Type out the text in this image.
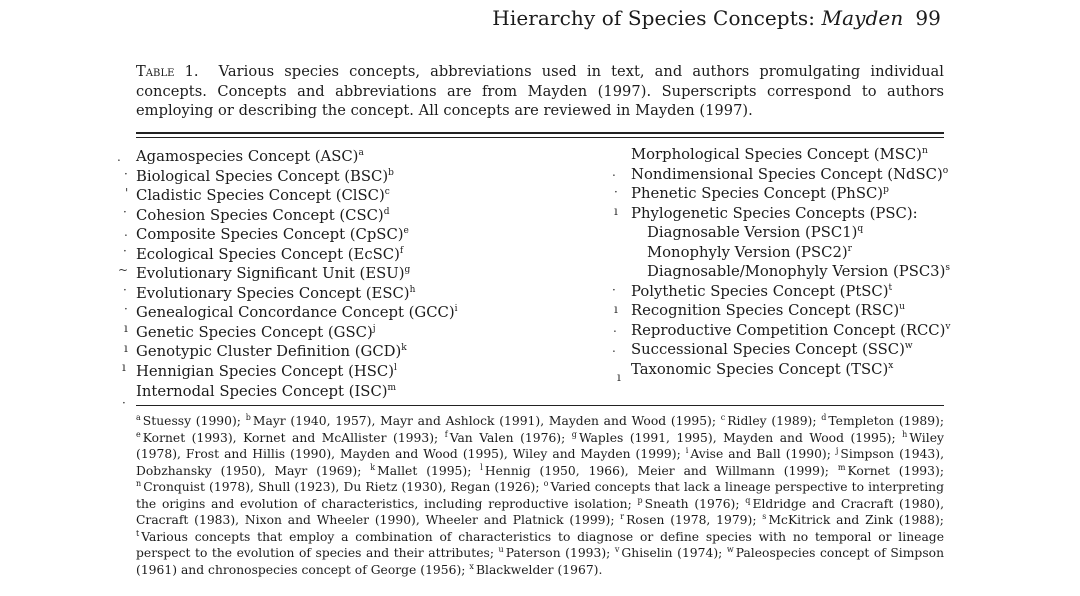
Hierarchy of Species Concepts: Mayden 99
Table 1. Various species concepts, abbreviations used in text, and authors promulgating individual concepts. Concepts and abbreviations are from Mayden (1997). Superscripts correspond to authors employing or describing the concept. All concepts are reviewed in Mayden (1997).
Agamospecies Concept (ASC)$^a$
Biological Species Concept (BSC)$^b$
Cladistic Species Concept (ClSC)$^c$
Cohesion Species Concept (CSC)$^d$
Composite Species Concept (CpSC)$^e$
Ecological Species Concept (EcSC)$^f$
Evolutionary Significant Unit (ESU)$^g$
Evolutionary Species Concept (ESC)$^h$
Genealogical Concordance Concept (GCC)$^i$
Genetic Species Concept (GSC)$^j$
Genotypic Cluster Definition (GCD)$^k$
Hennigian Species Concept (HSC)$^l$
Internodal Species Concept (ISC)$^m$
Morphological Species Concept (MSC)$^n$
Nondimensional Species Concept (NdSC)$^o$
Phenetic Species Concept (PhSC)$^p$
Phylogenetic Species Concepts (PSC):
Diagnosable Version $(PSC1)^q$
Monophyly Version $(PSC2)^r$
Diagnosable/Monophyly Version $(PSC3)^s$
Polythetic Species Concept (PtSC)$^t$
Recognition Species Concept (RSC)$^u$
Reproductive Competition Concept (RCC)$^v$
Successional Species Concept (SSC)$^w$
Taxonomic Species Concept (TSC)$^x$
$^a$ Stuessy (1990); $^b$ Mayr (1940, 1957), Mayr and Ashlock (1991), Mayden and Wood (1995); $^c$ Ridley (1989); $^d$ Templeton (1989); $^e$ Kornet (1993), Kornet and McAllister (1993); $^f$ Van Valen (1976); $^g$ Waples (1991, 1995), Mayden and Wood (1995); $^h$ Wiley (1978), Frost and Hillis (1990), Mayden and Wood (1995), Wiley and Mayden (1999); $^i$ Avise and Ball (1990); $^j$ Simpson (1943), Dobzhansky (1950), Mayr (1969); $^k$ Mallet (1995); $^l$ Hennig (1950, 1966), Meier and Willmann (1999); $^m$ Kornet (1993); $^n$ Cronquist (1978), Shull (1923), Du Rietz (1930), Regan (1926); $^o$ Varied concepts that lack a lineage perspective to interpreting the origins and evolution of characteristics, including reproductive isolation; $^p$ Sneath (1976); $^q$ Eldridge and Cracraft (1980), Cracraft (1983), Nixon and Wheeler (1990), Wheeler and Platnick (1999); $^r$ Rosen (1978, 1979); $^s$ McKitrick and Zink (1988); $^t$ Various concepts that employ a combination of characteristics to diagnose or define species with no temporal or lineage perspect to the evolution of species and their attributes; $^u$ Paterson (1993); $^v$ Ghiselin (1974); $^w$ Paleospecies concept of Simpson (1961) and chronospecies concept of George (1956); $^x$ Blackwelder (1967).
.
·
'
·
.
·
~
·
·
ı
ı
ı
·
.
·
ı
·
ı
.
.
ı
